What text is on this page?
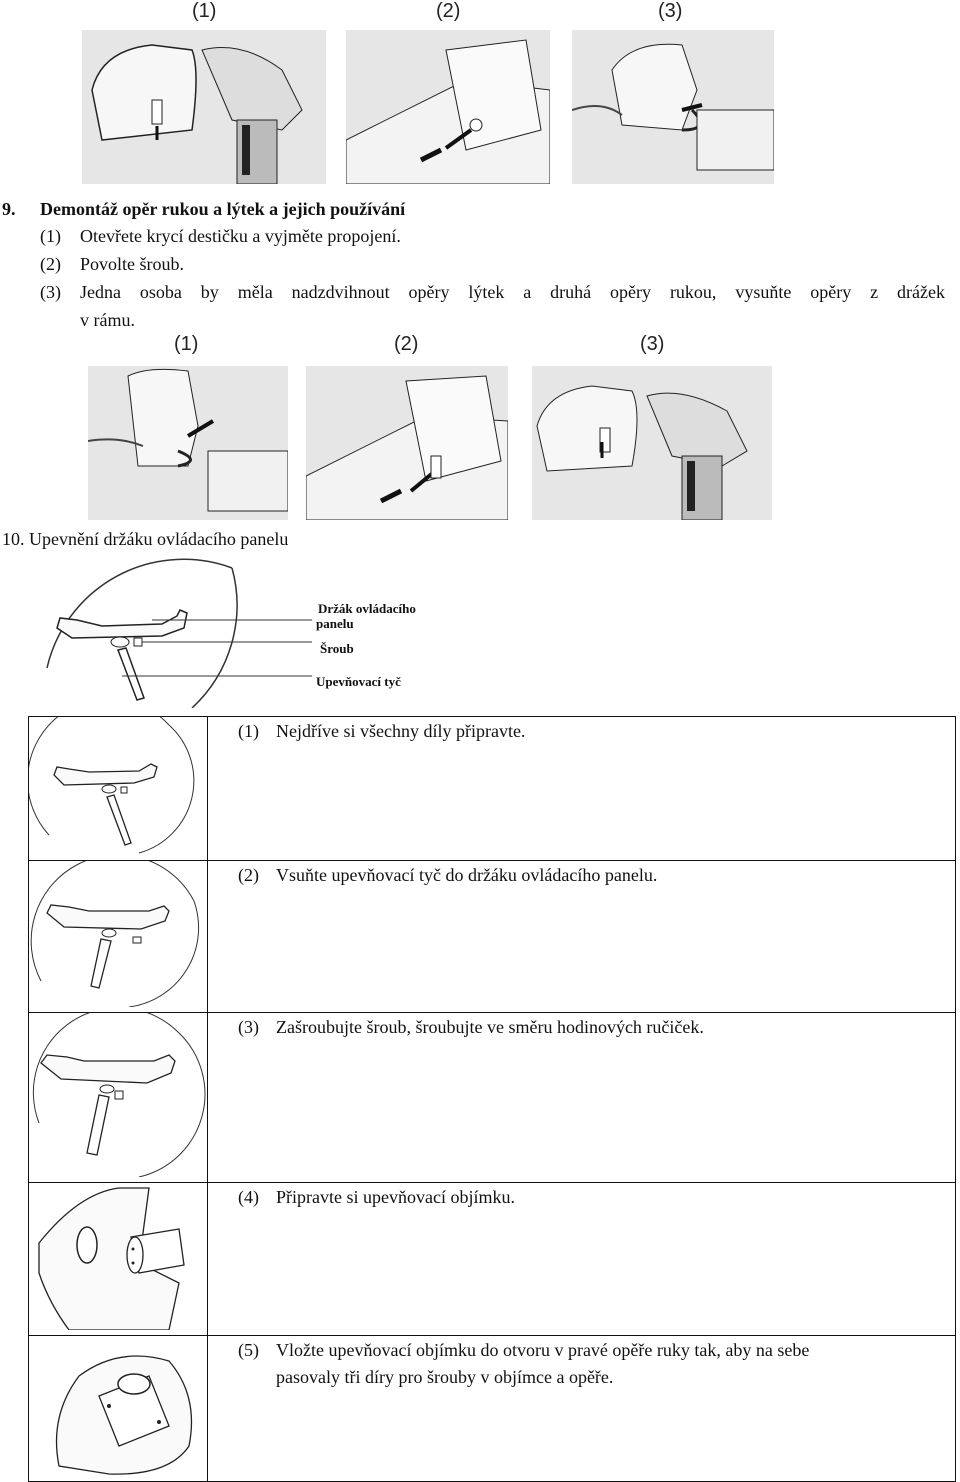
(1)	(2)	(3)
9. Demontáž opěr rukou a lýtek a jejich používání
(1) Otevřete krycí destičku a vyjměte propojení.
(2) Povolte šroub.
(3) Jedna osoba by měla nadzdvihnout opěry lýtek a druhá opěry rukou, vysuňte opěry z drážek
v rámu.
(1)	(2)	(3)
10. Upevnění držáku ovládacího panelu
Držák ovládacího
panelu
Šroub
Upevňovací tyč

(1) Nejdříve si všechny díly připravte.

(2) Vsuňte upevňovací tyč do držáku ovládacího panelu.

(3) Zašroubujte šroub, šroubujte ve směru hodinových ručiček.

(4) Připravte si upevňovací objímku.

(5) Vložte upevňovací objímku do otvoru v pravé opěře ruky tak, aby na sebe
pasovaly tři díry pro šrouby v objímce a opěře.
